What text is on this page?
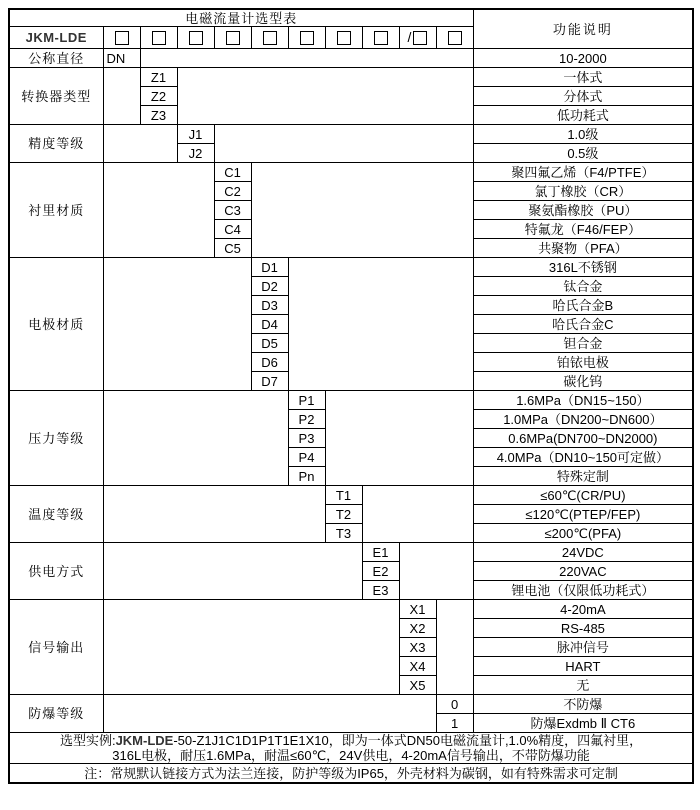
电磁流量计选型表											功能说明
JKM-LDE									/		
公称直径	DN										10-2000
转换器类型		Z1									一体式
		Z2									分体式
		Z3									低功耗式
精度等级			J1								1.0级
			J2								0.5级
衬里材质				C1							聚四氟乙烯（F4/PTFE）
				C2							氯丁橡胶（CR）
				C3							聚氨酯橡胶（PU）
				C4							特氟龙（F46/FEP）
				C5							共聚物（PFA）
电极材质					D1						316L不锈钢
					D2						钛合金
					D3						哈氏合金B
					D4						哈氏合金C
					D5						钽合金
					D6						铂铱电极
					D7						碳化钨
压力等级						P1					1.6MPa（DN15~150）
						P2					1.0MPa（DN200~DN600）
						P3					0.6MPa(DN700~DN2000)
						P4					4.0MPa（DN10~150可定做）
						Pn					特殊定制
温度等级							T1				≤60℃(CR/PU)
							T2				≤120℃(PTEP/FEP)
							T3				≤200℃(PFA)
供电方式								E1			24VDC
								E2			220VAC
								E3			锂电池（仅限低功耗式）
信号输出									X1		4-20mA
									X2		RS-485
									X3		脉冲信号
									X4		HART
									X5		无
防爆等级										0	不防爆
										1	防爆Exdmb Ⅱ CT6

选型实例:JKM-LDE-50-Z1J1C1D1P1T1E1X10，即为一体式DN50电磁流量计,1.0%精度，四氟衬里，
316L电极，耐压1.6MPa，耐温≤60℃，24V供电，4-20mA信号输出，不带防爆功能											

注：常规默认链接方式为法兰连接，防护等级为IP65，外壳材料为碳钢，如有特殊需求可定制											
